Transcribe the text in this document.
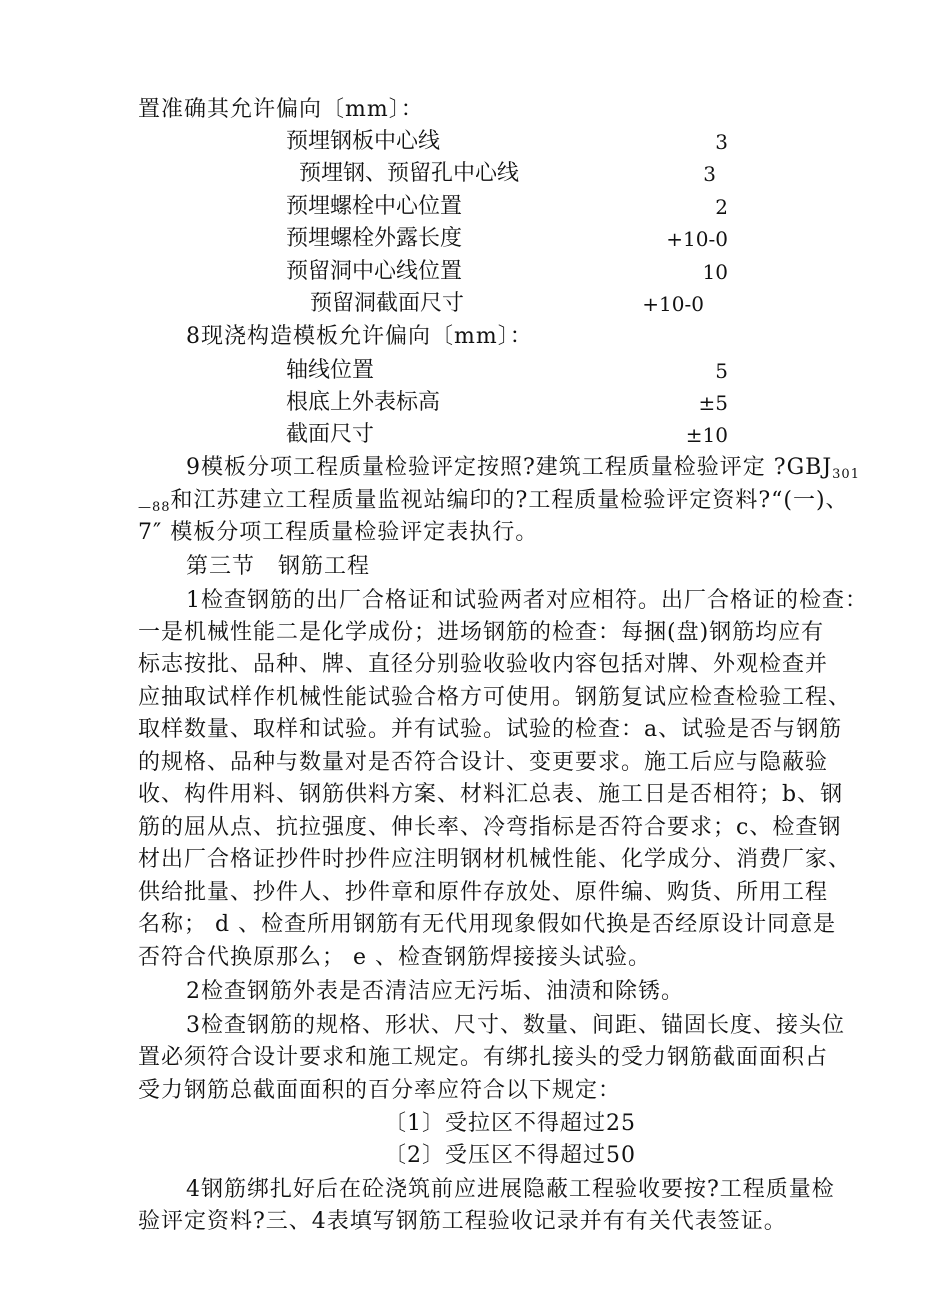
置准确其允许偏向〔mm〕：
预埋钢板中心线	3
预埋钢、预留孔中心线	3
预埋螺栓中心位置	2
预埋螺栓外露长度	+10-0
预留洞中心线位置	10
预留洞截面尺寸	+10-0
8现浇构造模板允许偏向〔mm〕：
轴线位置	5
根底上外表标高	±5
截面尺寸	±10
9模板分项工程质量检验评定按照?建筑工程质量检验评定 $?GBJ_{301}$
$_{—88}$和江苏建立工程质量监视站编印的?工程质量检验评定资料?“(一)、
7″ 模板分项工程质量检验评定表执行。
第三节　钢筋工程
1检查钢筋的出厂合格证和试验两者对应相符。出厂合格证的检查：
一是机械性能二是化学成份；进场钢筋的检查：每捆(盘)钢筋均应有
标志按批、品种、牌、直径分别验收验收内容包括对牌、外观检查并
应抽取试样作机械性能试验合格方可使用。钢筋复试应检查检验工程、
取样数量、取样和试验。并有试验。试验的检查：a、试验是否与钢筋
的规格、品种与数量对是否符合设计、变更要求。施工后应与隐蔽验
收、构件用料、钢筋供料方案、材料汇总表、施工日是否相符；b、钢
筋的屈从点、抗拉强度、伸长率、冷弯指标是否符合要求；c、检查钢
材出厂合格证抄件时抄件应注明钢材机械性能、化学成分、消费厂家、
供给批量、抄件人、抄件章和原件存放处、原件编、购货、所用工程
名称； d 、检查所用钢筋有无代用现象假如代换是否经原设计同意是
否符合代换原那么； e 、检查钢筋焊接接头试验。
2检查钢筋外表是否清洁应无污垢、油渍和除锈。
3检查钢筋的规格、形状、尺寸、数量、间距、锚固长度、接头位
置必须符合设计要求和施工规定。有绑扎接头的受力钢筋截面面积占
受力钢筋总截面面积的百分率应符合以下规定：
〔1〕受拉区不得超过25
〔2〕受压区不得超过50
4钢筋绑扎好后在砼浇筑前应进展隐蔽工程验收要按?工程质量检
验评定资料?三、4表填写钢筋工程验收记录并有有关代表签证。
